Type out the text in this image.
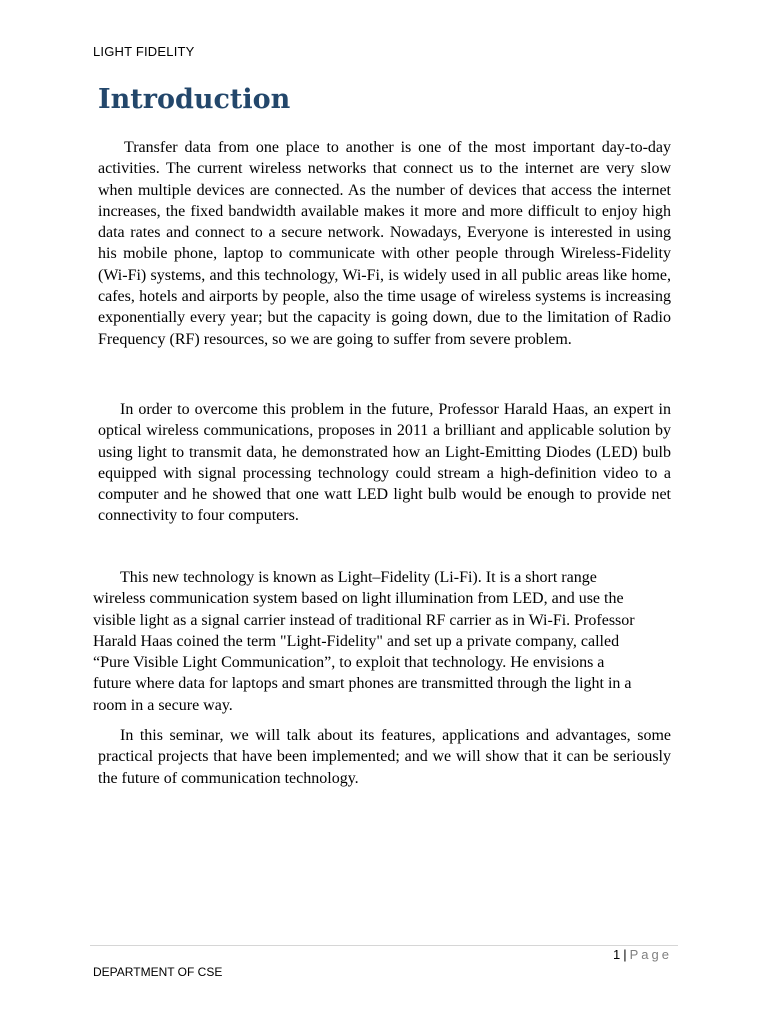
LIGHT FIDELITY
Introduction

Transfer data from one place to another is one of the most important day-to-day activities. The current wireless networks that connect us to the internet are very slow when multiple devices are connected. As the number of devices that access the internet increases, the fixed bandwidth available makes it more and more difficult to enjoy high data rates and connect to a secure network. Nowadays, Everyone is interested in using his mobile phone, laptop to communicate with other people through Wireless-Fidelity (Wi-Fi) systems, and this technology, Wi-Fi, is widely used in all public areas like home, cafes, hotels and airports by people, also the time usage of wireless systems is increasing exponentially every year; but the capacity is going down, due to the limitation of Radio Frequency (RF) resources, so we are going to suffer from severe problem.

In order to overcome this problem in the future, Professor Harald Haas, an expert in optical wireless communications, proposes in 2011 a brilliant and applicable solution by using light to transmit data, he demonstrated how an Light-Emitting Diodes (LED) bulb equipped with signal processing technology could stream a high-definition video to a computer and he showed that one watt LED light bulb would be enough to provide net connectivity to four computers.

This new technology is known as Light–Fidelity (Li-Fi). It is a short range wireless communication system based on light illumination from LED, and use the visible light as a signal carrier instead of traditional RF carrier as in Wi-Fi. Professor Harald Haas coined the term "Light-Fidelity" and set up a private company, called “Pure Visible Light Communication”, to exploit that technology. He envisions a future where data for laptops and smart phones are transmitted through the light in a room in a secure way.

In this seminar, we will talk about its features, applications and advantages, some practical projects that have been implemented; and we will show that it can be seriously the future of communication technology.

1 | Page
DEPARTMENT OF CSE
